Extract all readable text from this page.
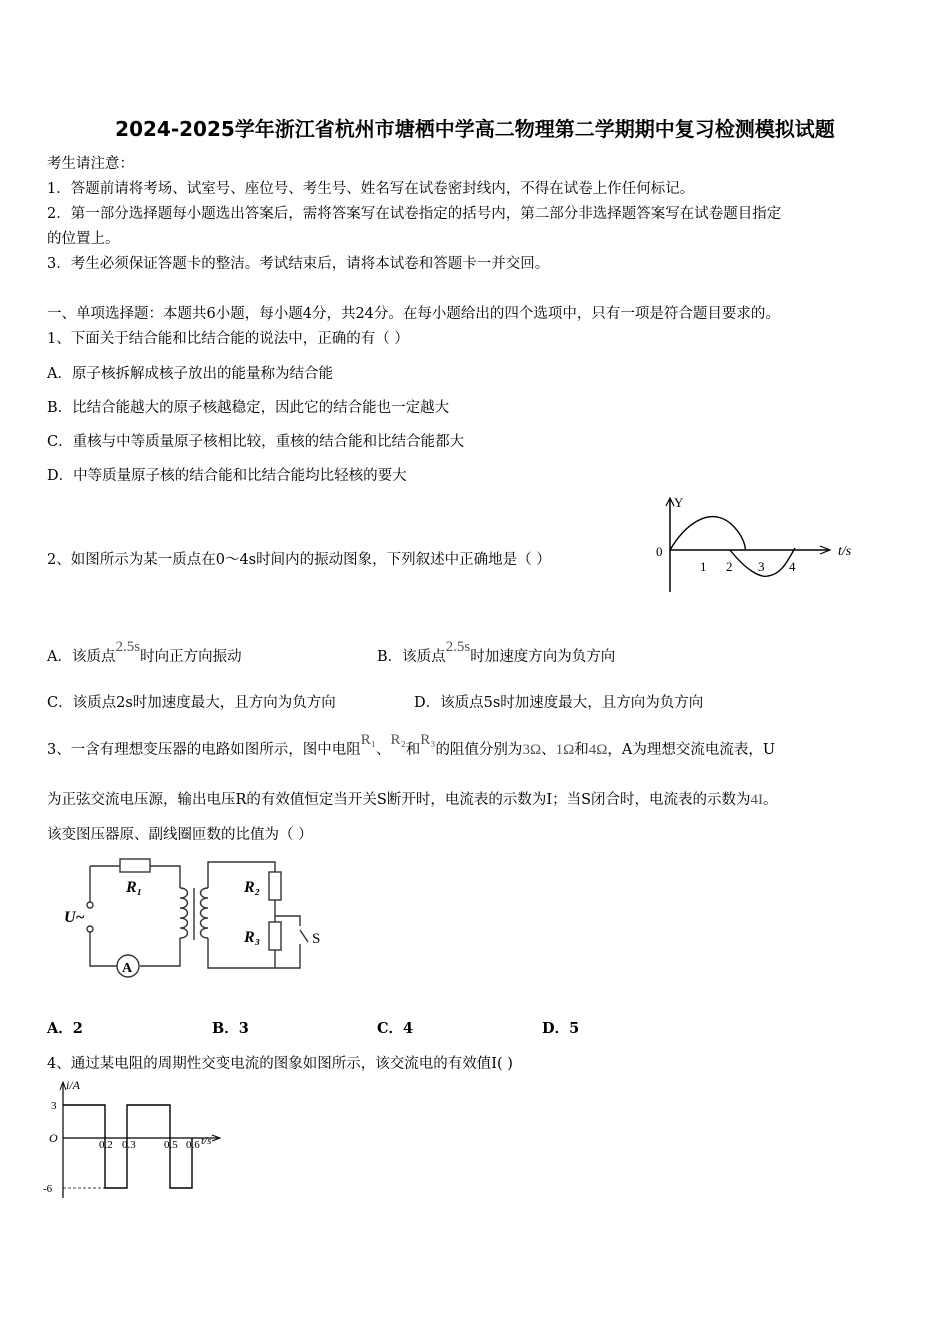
2024-2025学年浙江省杭州市塘栖中学高二物理第二学期期中复习检测模拟试题
考生请注意：
1．答题前请将考场、试室号、座位号、考生号、姓名写在试卷密封线内，不得在试卷上作任何标记。
2．第一部分选择题每小题选出答案后，需将答案写在试卷指定的括号内，第二部分非选择题答案写在试卷题目指定
的位置上。
3．考生必须保证答题卡的整洁。考试结束后，请将本试卷和答题卡一并交回。
一、单项选择题：本题共6小题，每小题4分，共24分。在每小题给出的四个选项中，只有一项是符合题目要求的。
1、下面关于结合能和比结合能的说法中，正确的有（ ）
A．原子核拆解成核子放出的能量称为结合能
B．比结合能越大的原子核越稳定，因此它的结合能也一定越大
C．重核与中等质量原子核相比较，重核的结合能和比结合能都大
D．中等质量原子核的结合能和比结合能均比轻核的要大
2、如图所示为某一质点在0～4s时间内的振动图象，下列叙述中正确地是（ ）
Y
t/s
0
1 2 3 4
A．该质点2.5s时向正方向振动	B．该质点2.5s时加速度方向为负方向
C．该质点2s时加速度最大，且方向为负方向	D．该质点5s时加速度最大，且方向为负方向
3、一含有理想变压器的电路如图所示，图中电阻R₁、R₂和R₃的阻值分别为3Ω、1Ω和4Ω，A为理想交流电流表，U
为正弦交流电压源，输出电压R的有效值恒定当开关S断开时，电流表的示数为I；当S闭合时，电流表的示数为4I。
该变图压器原、副线圈匝数的比值为（ ）
R₁	R₂
R₃
U~
A
S
A．2	B．3	C．4	D．5
4、通过某电阻的周期性交变电流的图象如图所示，该交流电的有效值I( )
i/A
t/s
O
3
-6
0.2 0.3	0.5 0.6
